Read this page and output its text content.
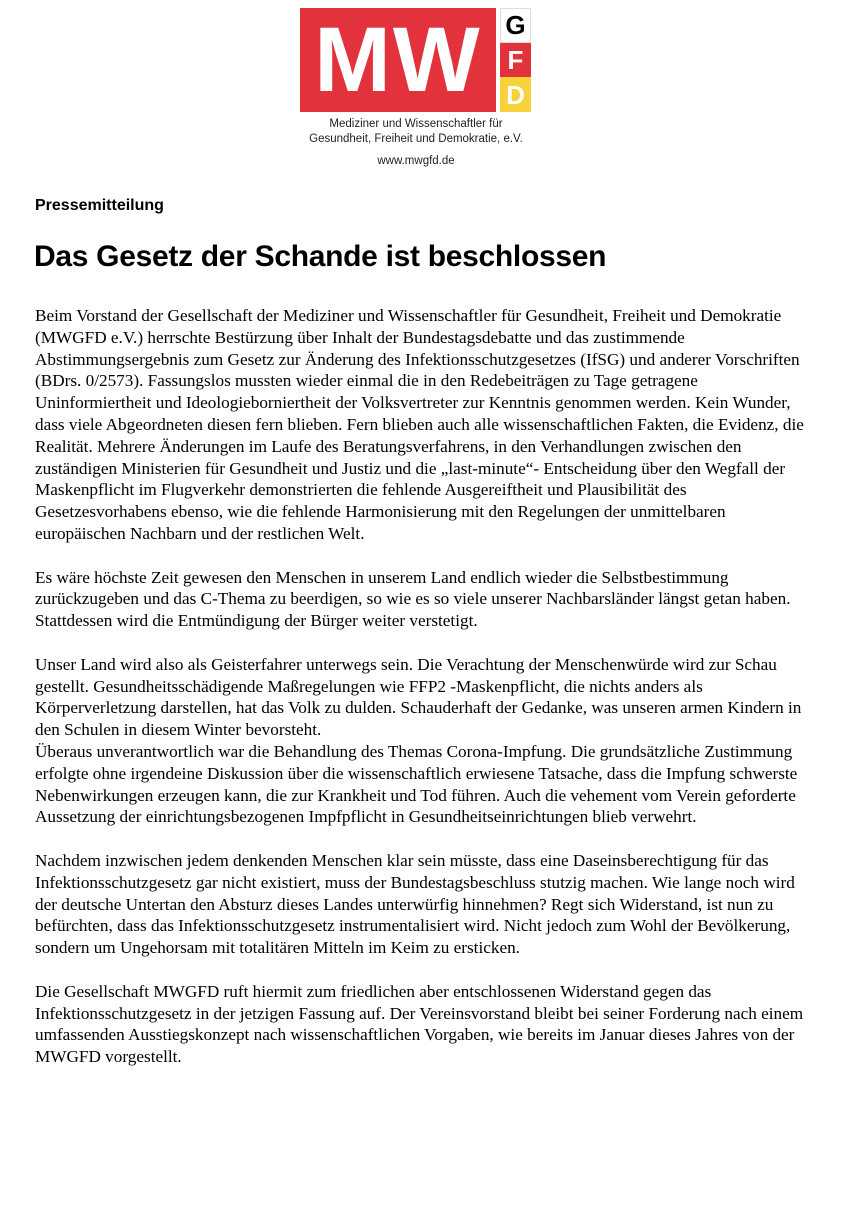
MW G
F
D
Mediziner und Wissenschaftler für
Gesundheit, Freiheit und Demokratie, e.V.
www.mwgfd.de

Pressemitteilung

Das Gesetz der Schande ist beschlossen

Beim Vorstand der Gesellschaft der Mediziner und Wissenschaftler für Gesundheit, Freiheit und Demokratie (MWGFD e.V.) herrschte Bestürzung über Inhalt der Bundestagsdebatte und das zustimmende Abstimmungsergebnis zum Gesetz zur Änderung des Infektionsschutzgesetzes (IfSG) und anderer Vorschriften (BDrs. 0/2573). Fassungslos mussten wieder einmal die in den Redebeiträgen zu Tage getragene Uninformiertheit und Ideologieborniertheit der Volksvertreter zur Kenntnis genommen werden. Kein Wunder, dass viele Abgeordneten diesen fern blieben. Fern blieben auch alle wissenschaftlichen Fakten, die Evidenz, die Realität. Mehrere Änderungen im Laufe des Beratungsverfahrens, in den Verhandlungen zwischen den zuständigen Ministerien für Gesundheit und Justiz und die „last-minute“- Entscheidung über den Wegfall der Maskenpflicht im Flugverkehr demonstrierten die fehlende Ausgereiftheit und Plausibilität des Gesetzesvorhabens ebenso, wie die fehlende Harmonisierung mit den Regelungen der unmittelbaren europäischen Nachbarn und der restlichen Welt.

Es wäre höchste Zeit gewesen den Menschen in unserem Land endlich wieder die Selbstbestimmung zurückzugeben und das C-Thema zu beerdigen, so wie es so viele unserer Nachbarsländer längst getan haben. Stattdessen wird die Entmündigung der Bürger weiter verstetigt.

Unser Land wird also als Geisterfahrer unterwegs sein. Die Verachtung der Menschenwürde wird zur Schau gestellt. Gesundheitsschädigende Maßregelungen wie FFP2 -Maskenpflicht, die nichts anders als Körperverletzung darstellen, hat das Volk zu dulden. Schauderhaft der Gedanke, was unseren armen Kindern in den Schulen in diesem Winter bevorsteht.

Überaus unverantwortlich war die Behandlung des Themas Corona-Impfung. Die grundsätzliche Zustimmung erfolgte ohne irgendeine Diskussion über die wissenschaftlich erwiesene Tatsache, dass die Impfung schwerste Nebenwirkungen erzeugen kann, die zur Krankheit und Tod führen. Auch die vehement vom Verein geforderte Aussetzung der einrichtungsbezogenen Impfpflicht in Gesundheitseinrichtungen blieb verwehrt.

Nachdem inzwischen jedem denkenden Menschen klar sein müsste, dass eine Daseinsberechtigung für das Infektionsschutzgesetz gar nicht existiert, muss der Bundestagsbeschluss stutzig machen. Wie lange noch wird der deutsche Untertan den Absturz dieses Landes unterwürfig hinnehmen? Regt sich Widerstand, ist nun zu befürchten, dass das Infektionsschutzgesetz instrumentalisiert wird. Nicht jedoch zum Wohl der Bevölkerung, sondern um Ungehorsam mit totalitären Mitteln im Keim zu ersticken.

Die Gesellschaft MWGFD ruft hiermit zum friedlichen aber entschlossenen Widerstand gegen das Infektionsschutzgesetz in der jetzigen Fassung auf. Der Vereinsvorstand bleibt bei seiner Forderung nach einem umfassenden Ausstiegskonzept nach wissenschaftlichen Vorgaben, wie bereits im Januar dieses Jahres von der MWGFD vorgestellt.
